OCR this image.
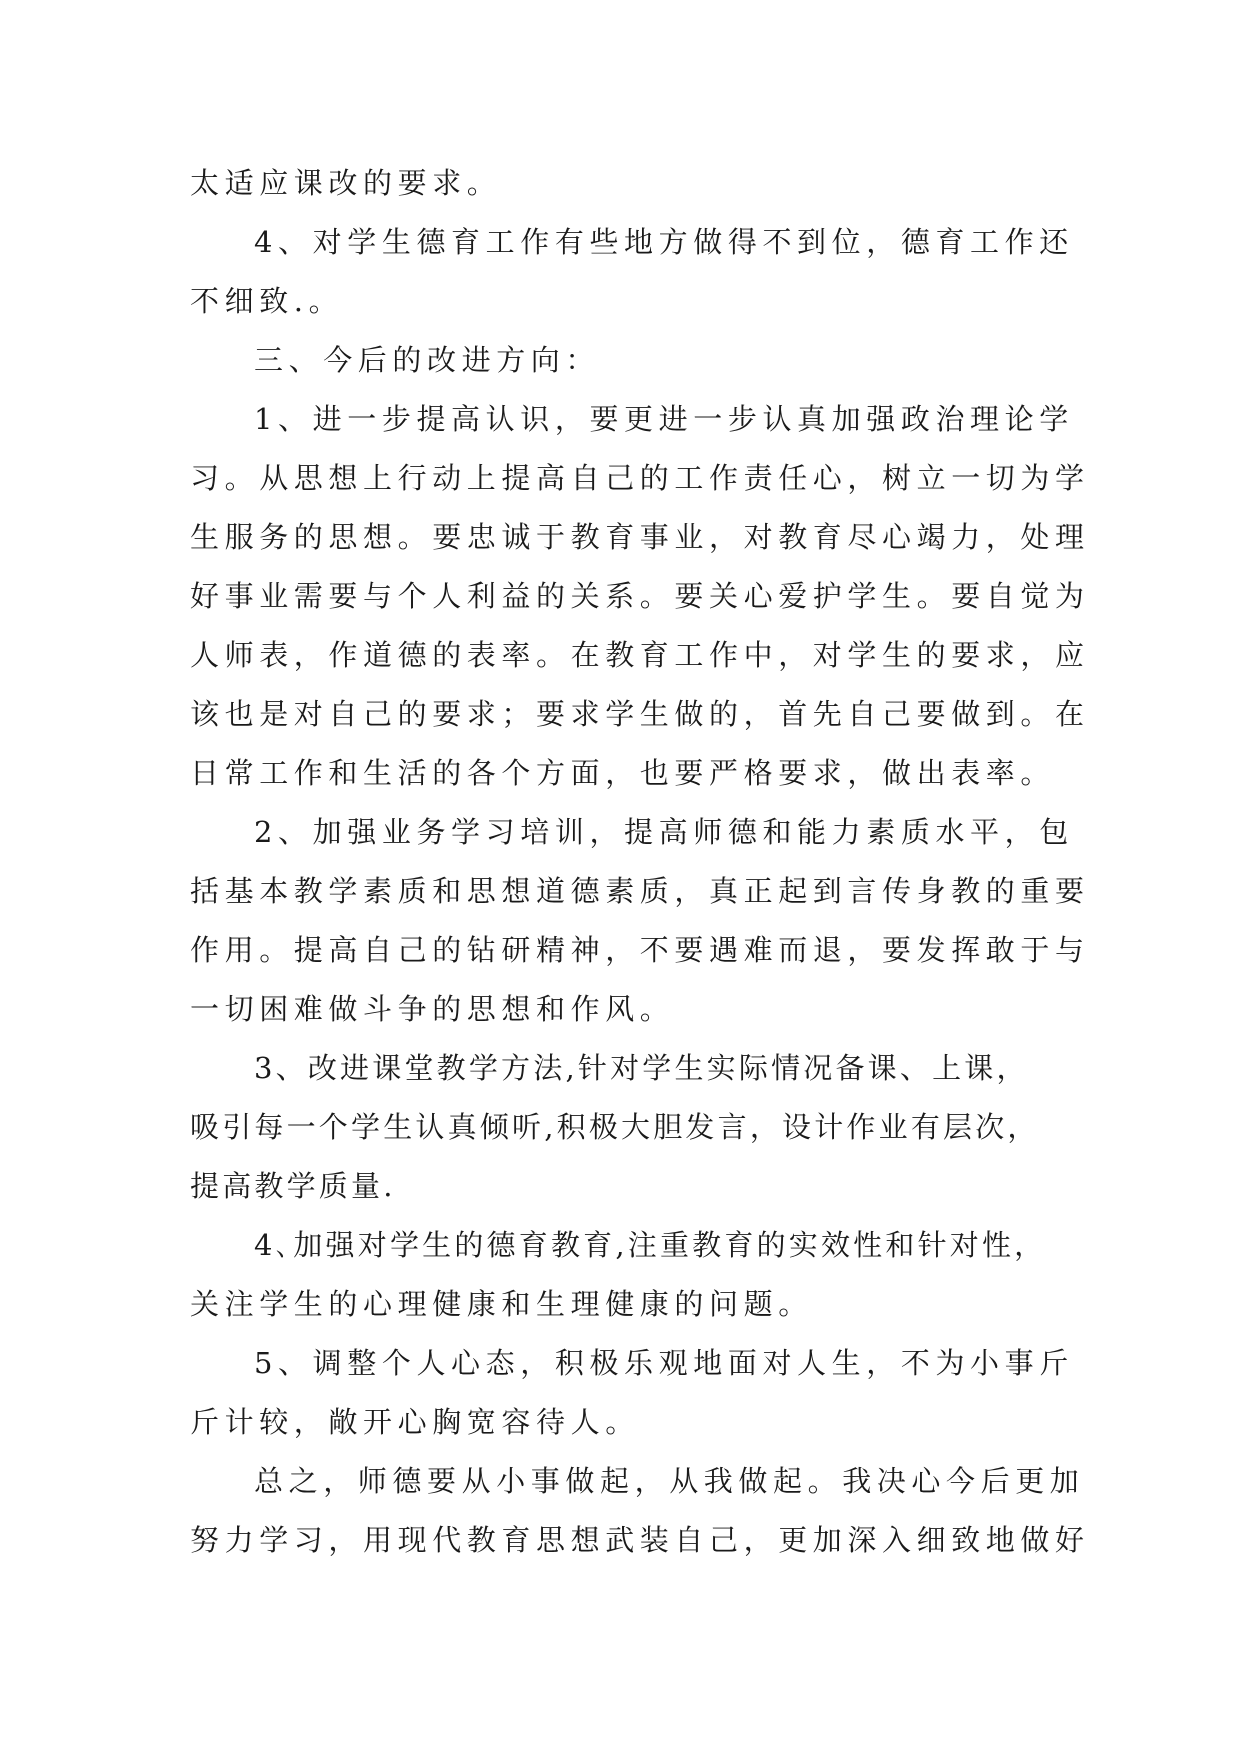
太适应课改的要求。
4、对学生德育工作有些地方做得不到位，德育工作还
不细致.。
三、今后的改进方向：
1、进一步提高认识，要更进一步认真加强政治理论学
习。从思想上行动上提高自己的工作责任心，树立一切为学
生服务的思想。要忠诚于教育事业，对教育尽心竭力，处理
好事业需要与个人利益的关系。要关心爱护学生。要自觉为
人师表，作道德的表率。在教育工作中，对学生的要求，应
该也是对自己的要求；要求学生做的，首先自己要做到。在
日常工作和生活的各个方面，也要严格要求，做出表率。
2、加强业务学习培训，提高师德和能力素质水平，包
括基本教学素质和思想道德素质，真正起到言传身教的重要
作用。提高自己的钻研精神，不要遇难而退，要发挥敢于与
一切困难做斗争的思想和作风。
3、改进课堂教学方法,针对学生实际情况备课、上课，
吸引每一个学生认真倾听,积极大胆发言，设计作业有层次，
提高教学质量.
4､加强对学生的德育教育,注重教育的实效性和针对性，
关注学生的心理健康和生理健康的问题。
5、调整个人心态，积极乐观地面对人生，不为小事斤
斤计较，敞开心胸宽容待人。
总之，师德要从小事做起，从我做起。我决心今后更加
努力学习，用现代教育思想武装自己，更加深入细致地做好
